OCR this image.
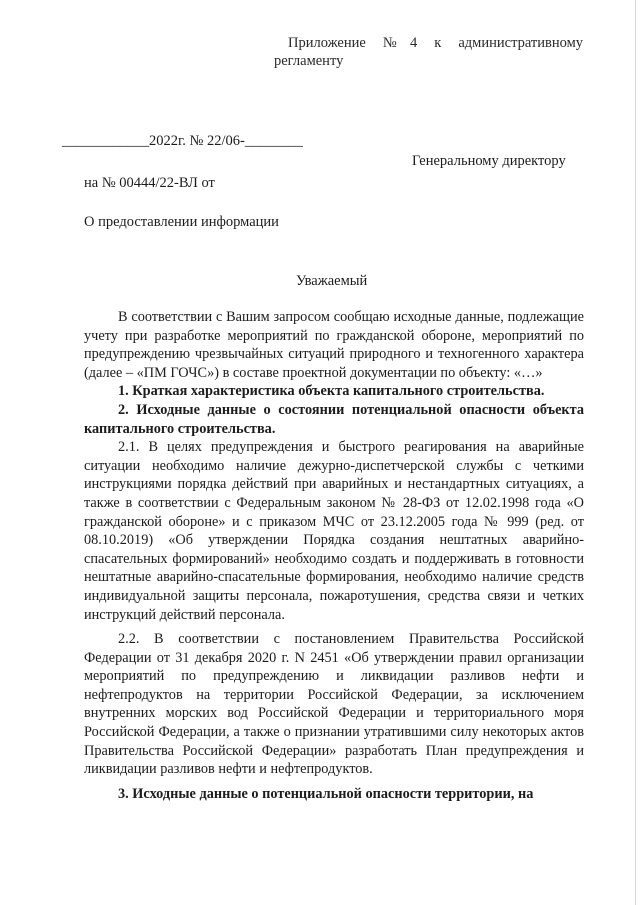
Приложение №4 к административному
регламенту
____________2022г. № 22/06-________
Генеральному директору
на № 00444/22-ВЛ от
О предоставлении информации
Уважаемый

В соответствии с Вашим запросом сообщаю исходные данные, подлежащие учету при разработке мероприятий по гражданской обороне, мероприятий по предупреждению чрезвычайных ситуаций природного и техногенного характера (далее – «ПМ ГОЧС») в составе проектной документации по объекту: «…»

1. Краткая характеристика объекта капитального строительства.

2. Исходные данные о состоянии потенциальной опасности объекта капитального строительства.

2.1. В целях предупреждения и быстрого реагирования на аварийные ситуации необходимо наличие дежурно-диспетчерской службы с четкими инструкциями порядка действий при аварийных и нестандартных ситуациях, а также в соответствии с Федеральным законом № 28-ФЗ от 12.02.1998 года «О гражданской обороне» и с приказом МЧС от 23.12.2005 года № 999 (ред. от 08.10.2019) «Об утверждении Порядка создания нештатных аварийно-спасательных формирований» необходимо создать и поддерживать в готовности нештатные аварийно-спасательные формирования, необходимо наличие средств индивидуальной защиты персонала, пожаротушения, средства связи и четких инструкций действий персонала.

2.2. В соответствии с постановлением Правительства Российской Федерации от 31 декабря 2020 г. N 2451 «Об утверждении правил организации мероприятий по предупреждению и ликвидации разливов нефти и нефтепродуктов на территории Российской Федерации, за исключением внутренних морских вод Российской Федерации и территориального моря Российской Федерации, а также о признании утратившими силу некоторых актов Правительства Российской Федерации» разработать План предупреждения и ликвидации разливов нефти и нефтепродуктов.

3. Исходные данные о потенциальной опасности территории, на
